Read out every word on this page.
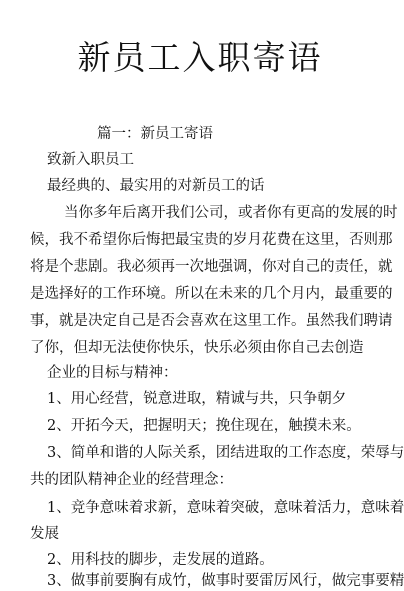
新员工入职寄语
篇一：新员工寄语
致新入职员工
最经典的、最实用的对新员工的话
当你多年后离开我们公司，或者你有更高的发展的时
候，我不希望你后悔把最宝贵的岁月花费在这里，否则那
将是个悲剧。我必须再一次地强调，你对自己的责任，就
是选择好的工作环境。所以在未来的几个月内，最重要的
事，就是决定自己是否会喜欢在这里工作。虽然我们聘请
了你，但却无法使你快乐，快乐必须由你自己去创造
企业的目标与精神：
1、用心经营，锐意进取，精诚与共，只争朝夕
2、开拓今天，把握明天；挽住现在，触摸未来。
3、简单和谐的人际关系，团结进取的工作态度，荣辱与
共的团队精神企业的经营理念：
1、竞争意味着求新，意味着突破，意味着活力，意味着
发展
2、用科技的脚步，走发展的道路。
3、做事前要胸有成竹，做事时要雷厉风行，做完事要精
